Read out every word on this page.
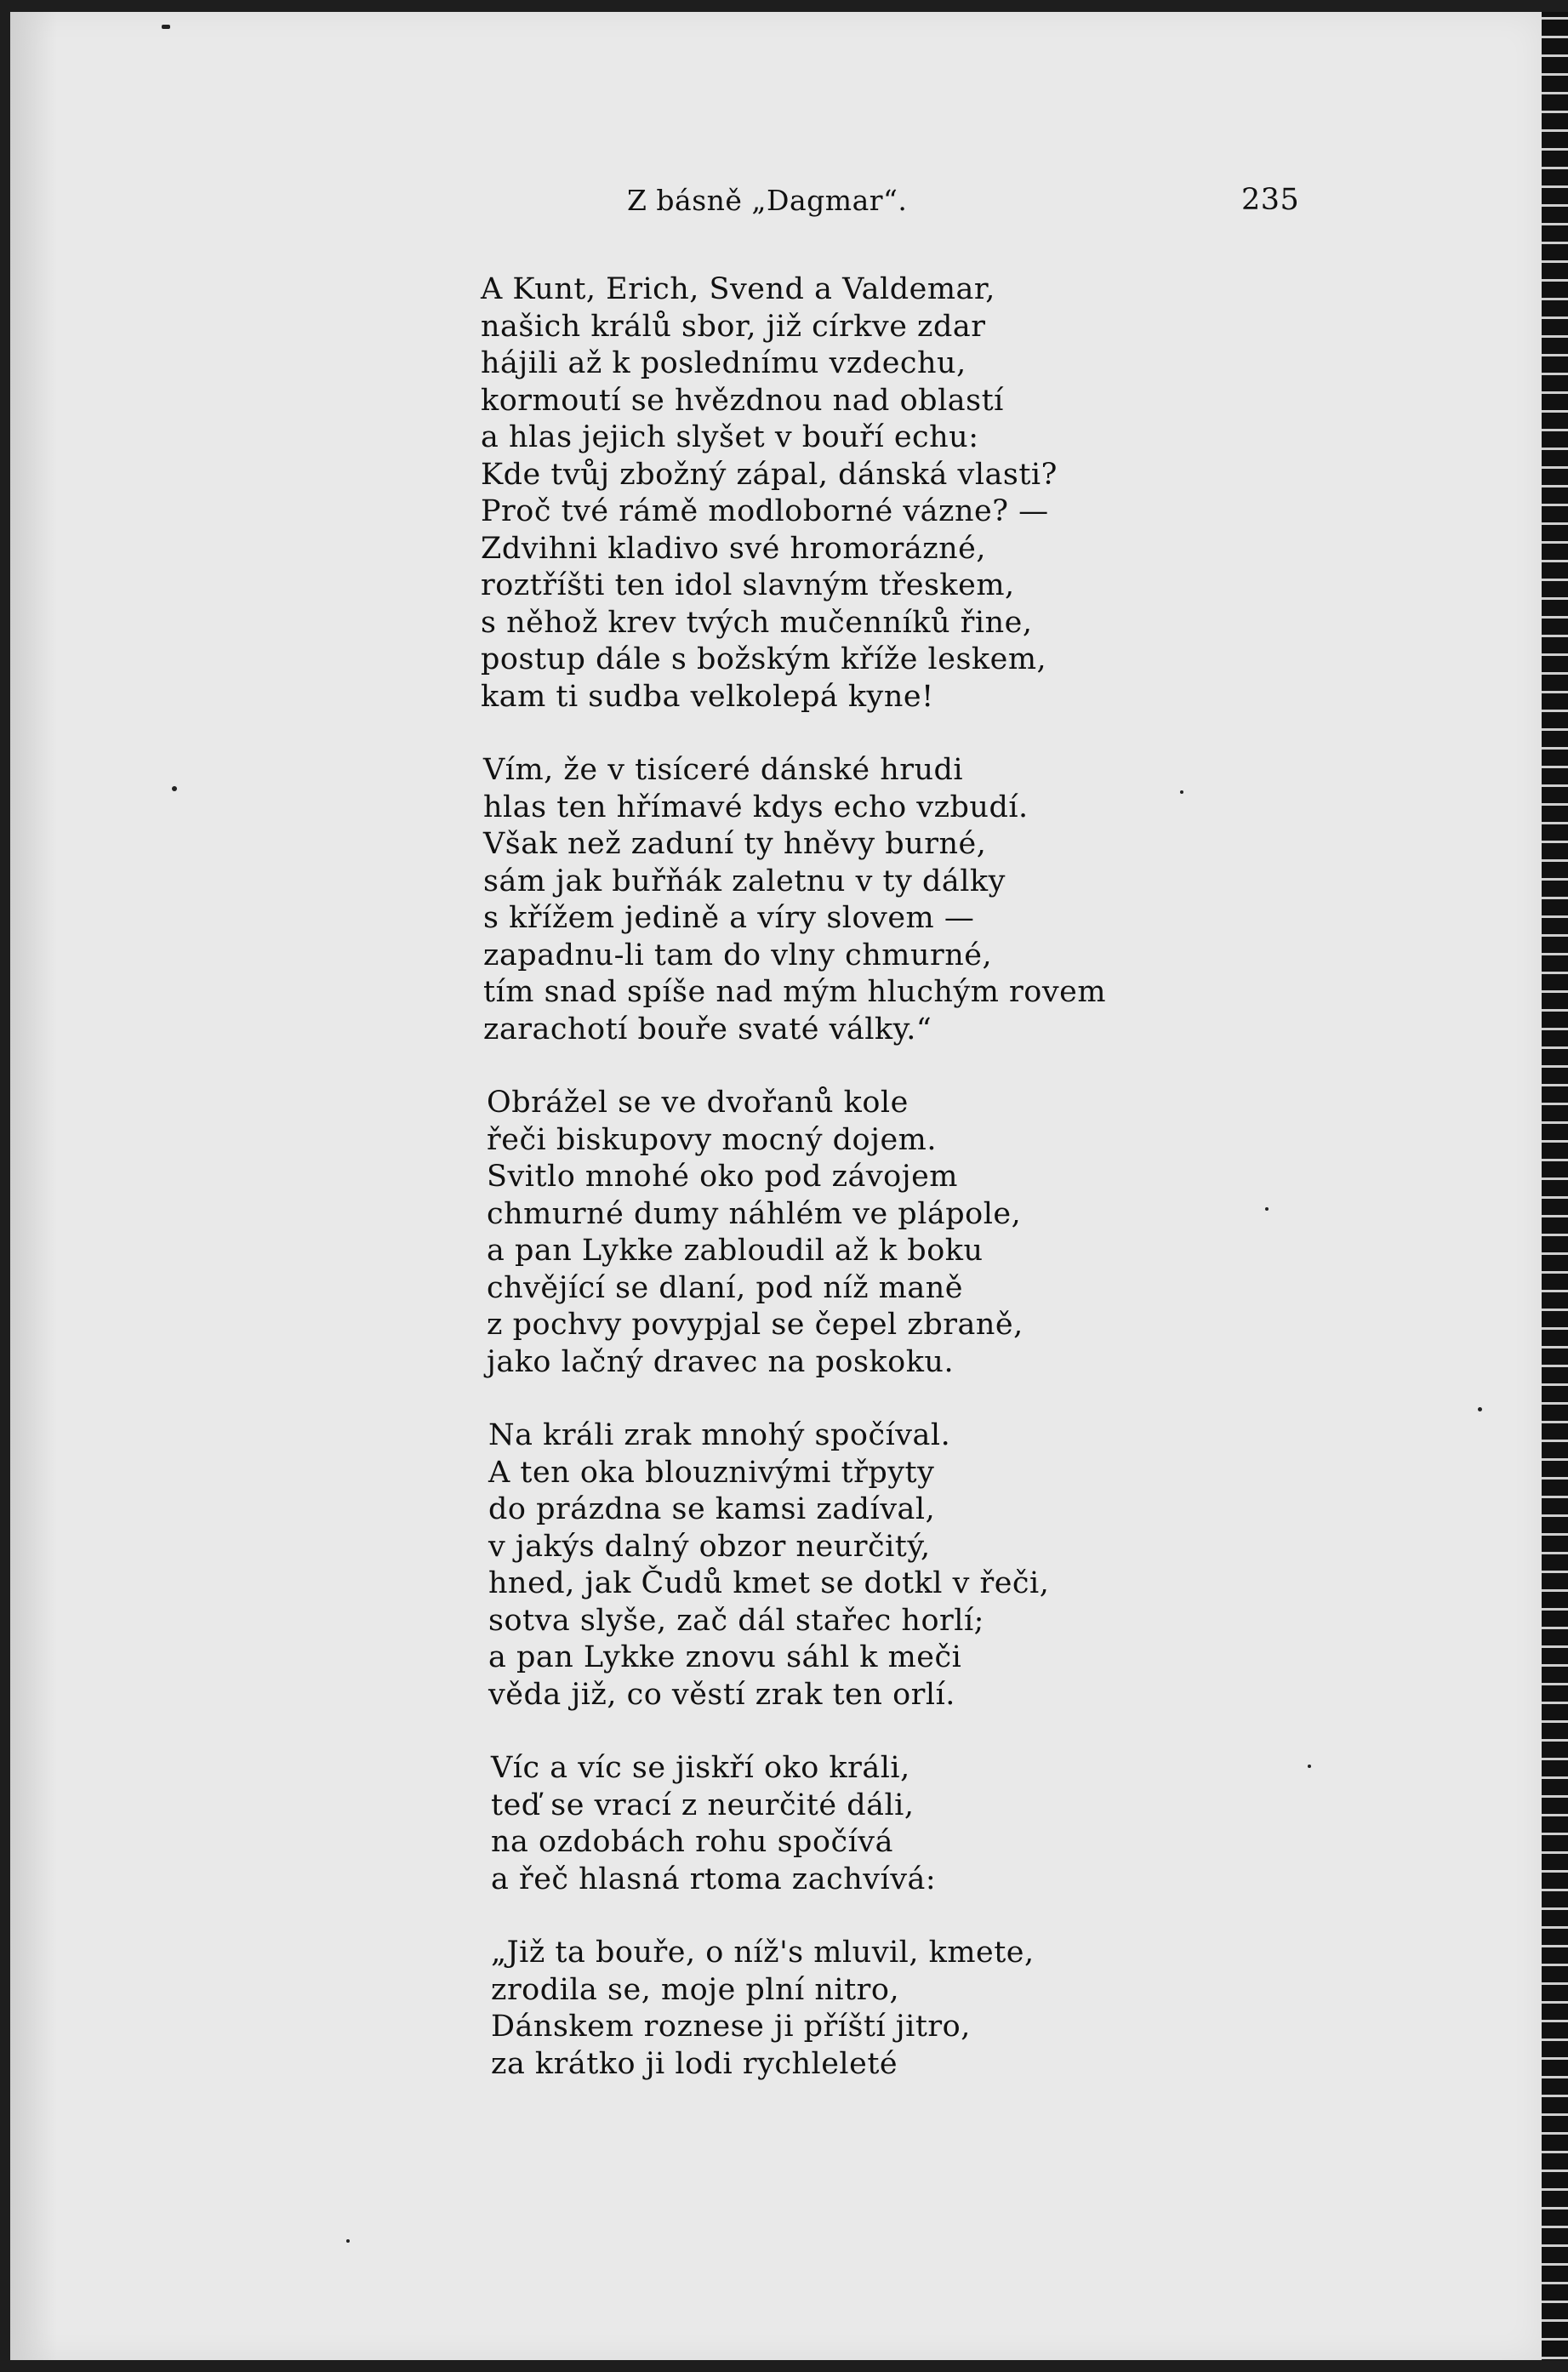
Z básně „Dagmar“.	235
A Kunt, Erich, Svend a Valdemar,
našich králů sbor, již církve zdar
hájili až k poslednímu vzdechu,
kormoutí se hvězdnou nad oblastí
a hlas jejich slyšet v bouří echu:
Kde tvůj zbožný zápal, dánská vlasti?
Proč tvé rámě modloborné vázne? —
Zdvihni kladivo své hromorázné,
roztříšti ten idol slavným třeskem,
s něhož krev tvých mučenníků řine,
postup dále s božským kříže leskem,
kam ti sudba velkolepá kyne!
Vím, že v tisíceré dánské hrudi
hlas ten hřímavé kdys echo vzbudí.
Však než zaduní ty hněvy burné,
sám jak buřňák zaletnu v ty dálky
s křížem jedině a víry slovem —
zapadnu-li tam do vlny chmurné,
tím snad spíše nad mým hluchým rovem
zarachotí bouře svaté války.“
Obrážel se ve dvořanů kole
řeči biskupovy mocný dojem.
Svitlo mnohé oko pod závojem
chmurné dumy náhlém ve plápole,
a pan Lykke zabloudil až k boku
chvějící se dlaní, pod níž maně
z pochvy povypjal se čepel zbraně,
jako lačný dravec na poskoku.
Na králi zrak mnohý spočíval.
A ten oka blouznivými třpyty
do prázdna se kamsi zadíval,
v jakýs dalný obzor neurčitý,
hned, jak Čudů kmet se dotkl v řeči,
sotva slyše, zač dál stařec horlí;
a pan Lykke znovu sáhl k meči
věda již, co věstí zrak ten orlí.
Víc a víc se jiskří oko králi,
teď se vrací z neurčité dáli,
na ozdobách rohu spočívá
a řeč hlasná rtoma zachvívá:
„Již ta bouře, o níž's mluvil, kmete,
zrodila se, moje plní nitro,
Dánskem roznese ji příští jitro,
za krátko ji lodi rychleleté
